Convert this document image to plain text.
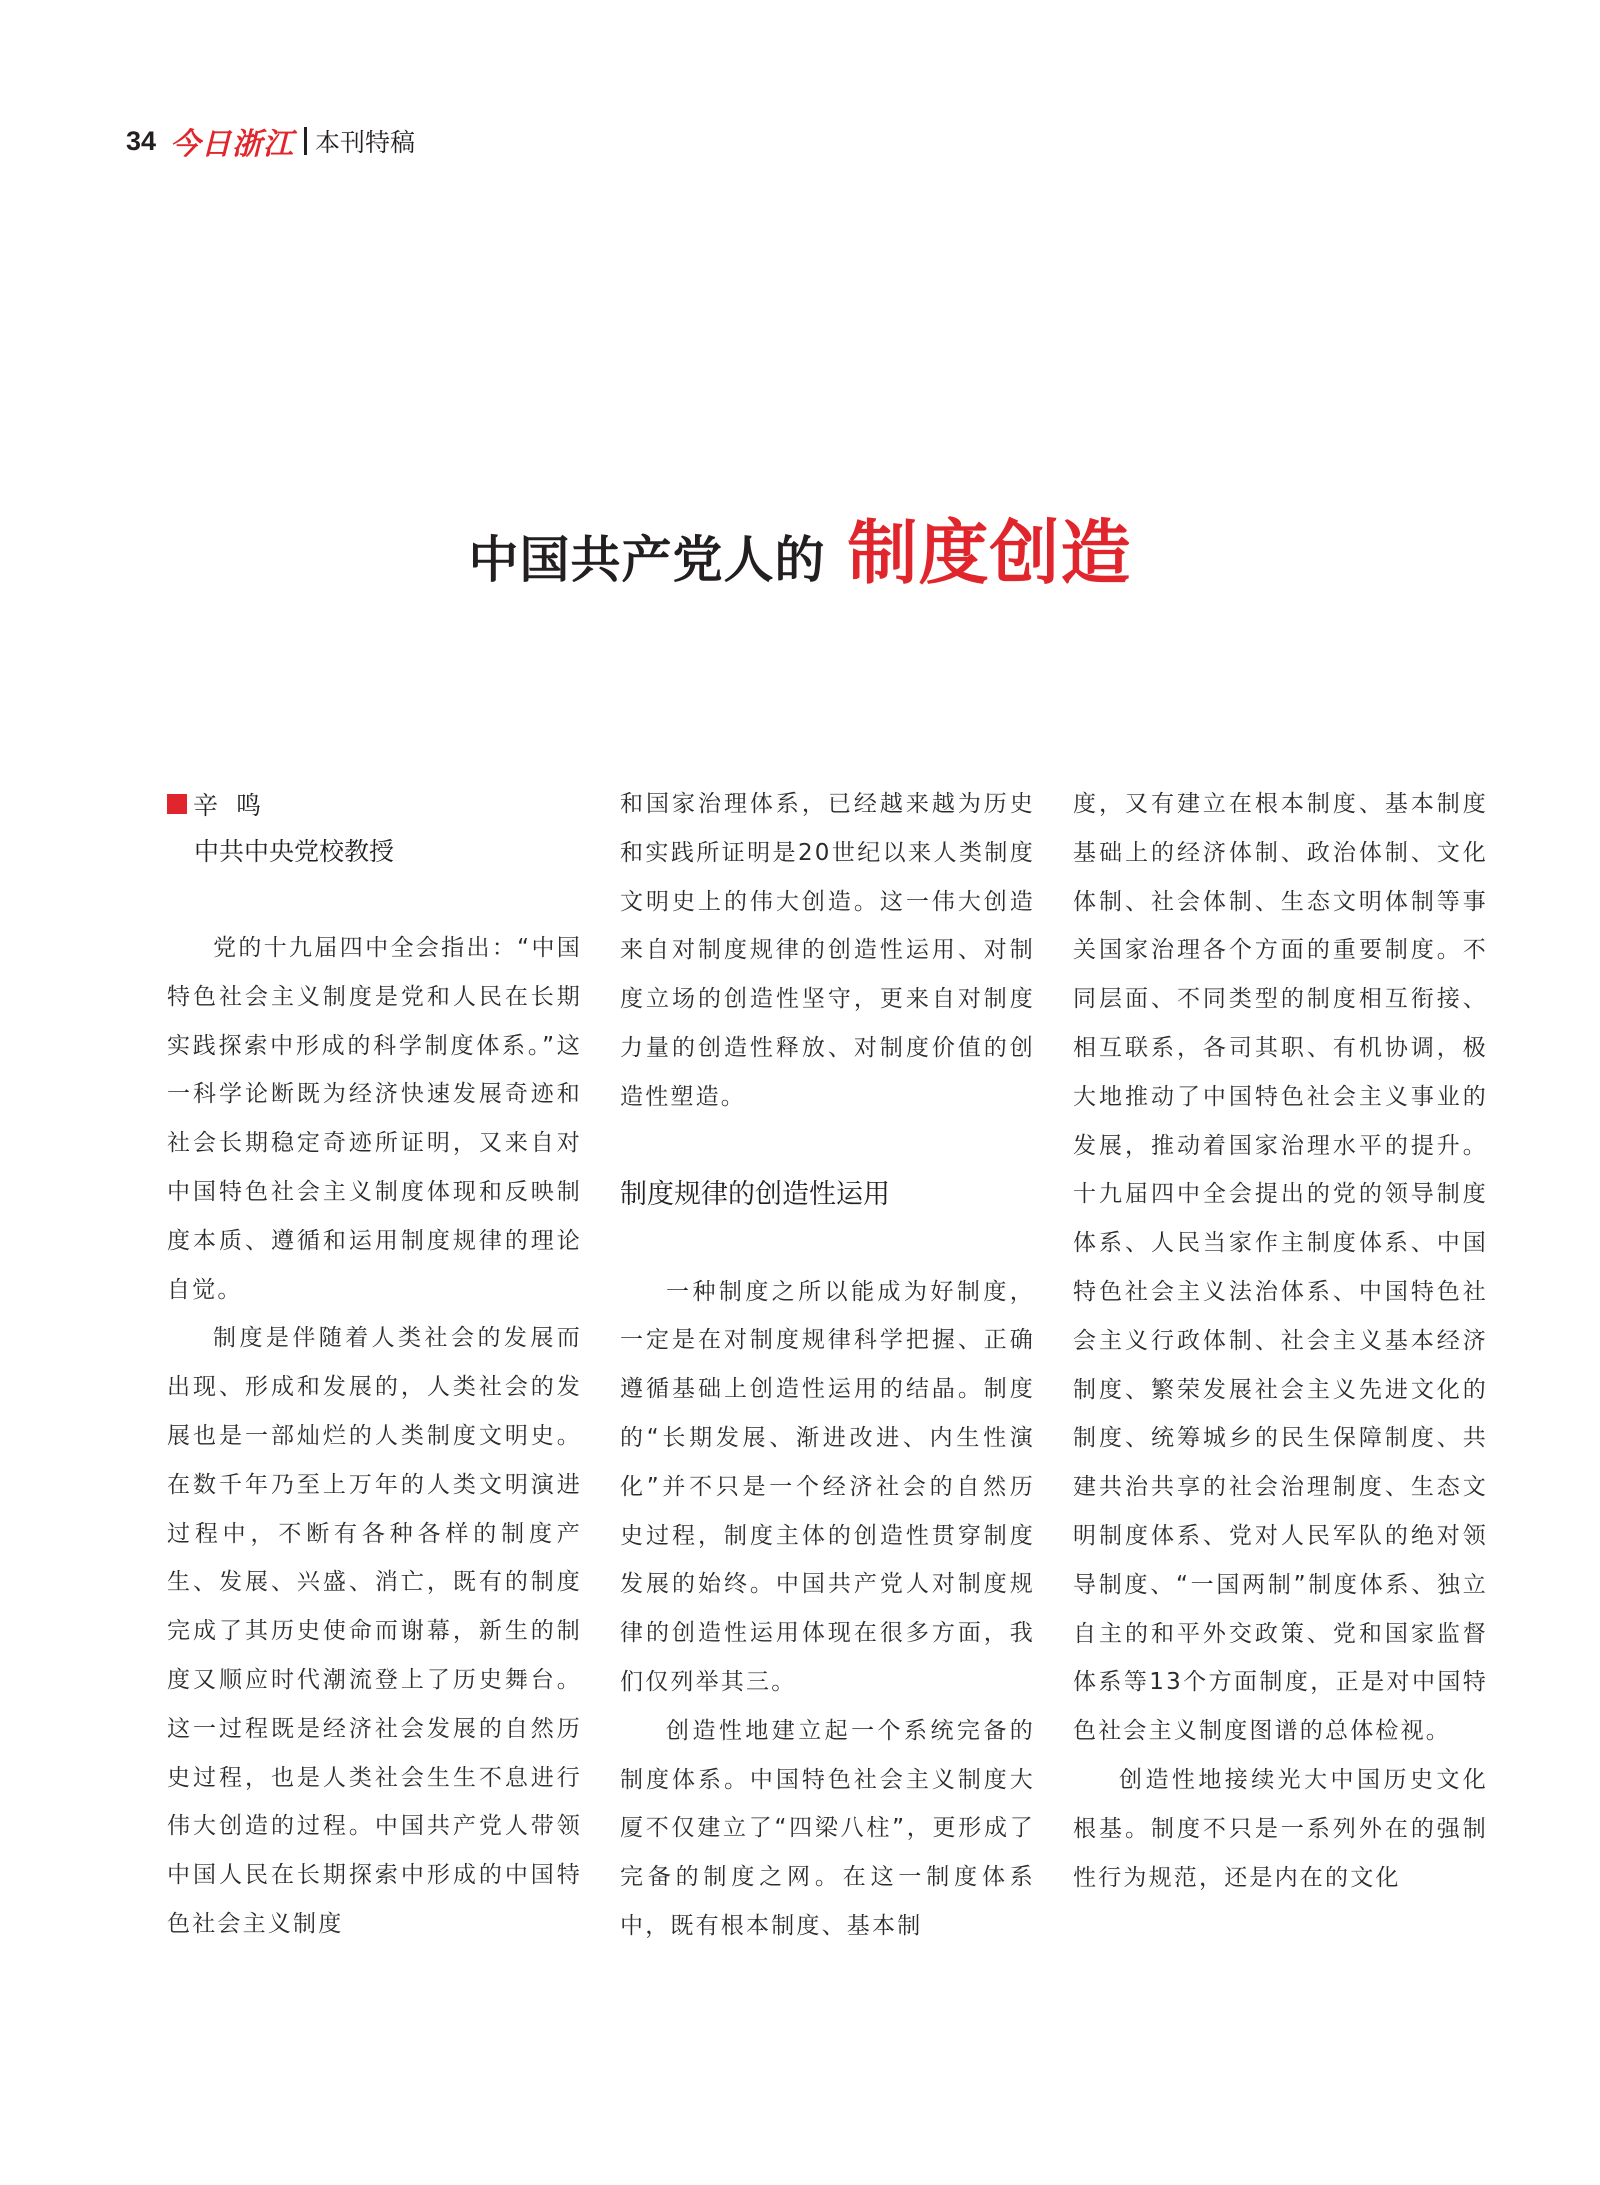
34 今日浙江 本刊特稿
中国共产党人的 制度创造
辛鸣
中共中央党校教授

党的十九届四中全会指出：“中国特色社会主义制度是党和人民在长期实践探索中形成的科学制度体系。”这一科学论断既为经济快速发展奇迹和社会长期稳定奇迹所证明，又来自对中国特色社会主义制度体现和反映制度本质、遵循和运用制度规律的理论自觉。

制度是伴随着人类社会的发展而出现、形成和发展的，人类社会的发展也是一部灿烂的人类制度文明史。在数千年乃至上万年的人类文明演进过程中，不断有各种各样的制度产生、发展、兴盛、消亡，既有的制度完成了其历史使命而谢幕，新生的制度又顺应时代潮流登上了历史舞台。这一过程既是经济社会发展的自然历史过程，也是人类社会生生不息进行伟大创造的过程。中国共产党人带领中国人民在长期探索中形成的中国特色社会主义制度

和国家治理体系，已经越来越为历史和实践所证明是20世纪以来人类制度文明史上的伟大创造。这一伟大创造来自对制度规律的创造性运用、对制度立场的创造性坚守，更来自对制度力量的创造性释放、对制度价值的创造性塑造。

制度规律的创造性运用

一种制度之所以能成为好制度，一定是在对制度规律科学把握、正确遵循基础上创造性运用的结晶。制度的“长期发展、渐进改进、内生性演化”并不只是一个经济社会的自然历史过程，制度主体的创造性贯穿制度发展的始终。中国共产党人对制度规律的创造性运用体现在很多方面，我们仅列举其三。

创造性地建立起一个系统完备的制度体系。中国特色社会主义制度大厦不仅建立了“四梁八柱”，更形成了完备的制度之网。在这一制度体系中，既有根本制度、基本制

度，又有建立在根本制度、基本制度基础上的经济体制、政治体制、文化体制、社会体制、生态文明体制等事关国家治理各个方面的重要制度。不同层面、不同类型的制度相互衔接、相互联系，各司其职、有机协调，极大地推动了中国特色社会主义事业的发展，推动着国家治理水平的提升。十九届四中全会提出的党的领导制度体系、人民当家作主制度体系、中国特色社会主义法治体系、中国特色社会主义行政体制、社会主义基本经济制度、繁荣发展社会主义先进文化的制度、统筹城乡的民生保障制度、共建共治共享的社会治理制度、生态文明制度体系、党对人民军队的绝对领导制度、“一国两制”制度体系、独立自主的和平外交政策、党和国家监督体系等13个方面制度，正是对中国特色社会主义制度图谱的总体检视。

创造性地接续光大中国历史文化根基。制度不只是一系列外在的强制性行为规范，还是内在的文化
